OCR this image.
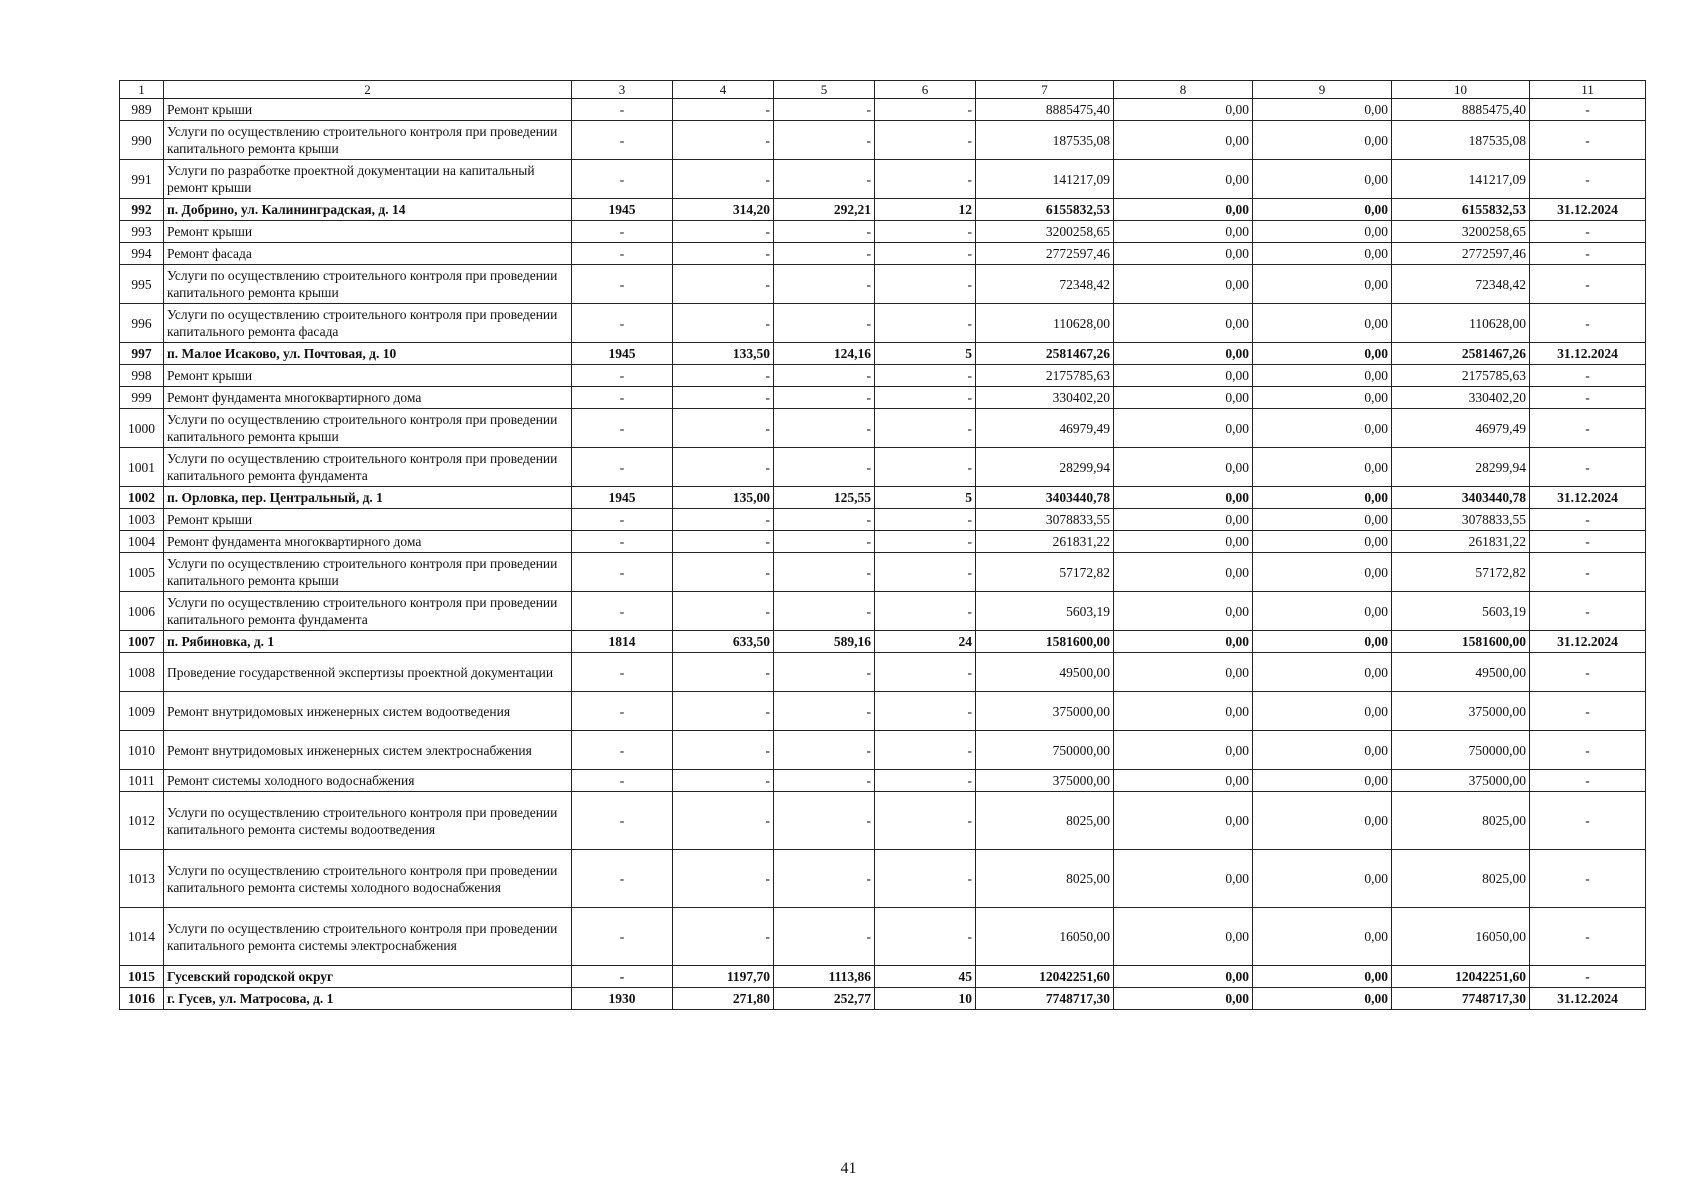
1	2	3	4	5	6	7	8	9	10	11
989	Ремонт крыши	-	-	-	-	8885475,40	0,00	0,00	8885475,40	-
990	Услуги по осуществлению строительного контроля при проведении капитального ремонта крыши	-	-	-	-	187535,08	0,00	0,00	187535,08	-
991	Услуги по разработке проектной документации на капитальный ремонт крыши	-	-	-	-	141217,09	0,00	0,00	141217,09	-
992	п. Добрино, ул. Калининградская, д. 14	1945	314,20	292,21	12	6155832,53	0,00	0,00	6155832,53	31.12.2024
993	Ремонт крыши	-	-	-	-	3200258,65	0,00	0,00	3200258,65	-
994	Ремонт фасада	-	-	-	-	2772597,46	0,00	0,00	2772597,46	-
995	Услуги по осуществлению строительного контроля при проведении капитального ремонта крыши	-	-	-	-	72348,42	0,00	0,00	72348,42	-
996	Услуги по осуществлению строительного контроля при проведении капитального ремонта фасада	-	-	-	-	110628,00	0,00	0,00	110628,00	-
997	п. Малое Исаково, ул. Почтовая, д. 10	1945	133,50	124,16	5	2581467,26	0,00	0,00	2581467,26	31.12.2024
998	Ремонт крыши	-	-	-	-	2175785,63	0,00	0,00	2175785,63	-
999	Ремонт фундамента многоквартирного дома	-	-	-	-	330402,20	0,00	0,00	330402,20	-
1000	Услуги по осуществлению строительного контроля при проведении капитального ремонта крыши	-	-	-	-	46979,49	0,00	0,00	46979,49	-
1001	Услуги по осуществлению строительного контроля при проведении капитального ремонта фундамента	-	-	-	-	28299,94	0,00	0,00	28299,94	-
1002	п. Орловка, пер. Центральный, д. 1	1945	135,00	125,55	5	3403440,78	0,00	0,00	3403440,78	31.12.2024
1003	Ремонт крыши	-	-	-	-	3078833,55	0,00	0,00	3078833,55	-
1004	Ремонт фундамента многоквартирного дома	-	-	-	-	261831,22	0,00	0,00	261831,22	-
1005	Услуги по осуществлению строительного контроля при проведении капитального ремонта крыши	-	-	-	-	57172,82	0,00	0,00	57172,82	-
1006	Услуги по осуществлению строительного контроля при проведении капитального ремонта фундамента	-	-	-	-	5603,19	0,00	0,00	5603,19	-
1007	п. Рябиновка, д. 1	1814	633,50	589,16	24	1581600,00	0,00	0,00	1581600,00	31.12.2024
1008	Проведение государственной экспертизы проектной документации	-	-	-	-	49500,00	0,00	0,00	49500,00	-
1009	Ремонт внутридомовых инженерных систем водоотведения	-	-	-	-	375000,00	0,00	0,00	375000,00	-
1010	Ремонт внутридомовых инженерных систем электроснабжения	-	-	-	-	750000,00	0,00	0,00	750000,00	-
1011	Ремонт системы холодного водоснабжения	-	-	-	-	375000,00	0,00	0,00	375000,00	-
1012	Услуги по осуществлению строительного контроля при проведении капитального ремонта системы водоотведения	-	-	-	-	8025,00	0,00	0,00	8025,00	-
1013	Услуги по осуществлению строительного контроля при проведении капитального ремонта системы холодного водоснабжения	-	-	-	-	8025,00	0,00	0,00	8025,00	-
1014	Услуги по осуществлению строительного контроля при проведении капитального ремонта системы электроснабжения	-	-	-	-	16050,00	0,00	0,00	16050,00	-
1015	Гусевский городской округ	-	1197,70	1113,86	45	12042251,60	0,00	0,00	12042251,60	-
1016	г. Гусев, ул. Матросова, д. 1	1930	271,80	252,77	10	7748717,30	0,00	0,00	7748717,30	31.12.2024
41
